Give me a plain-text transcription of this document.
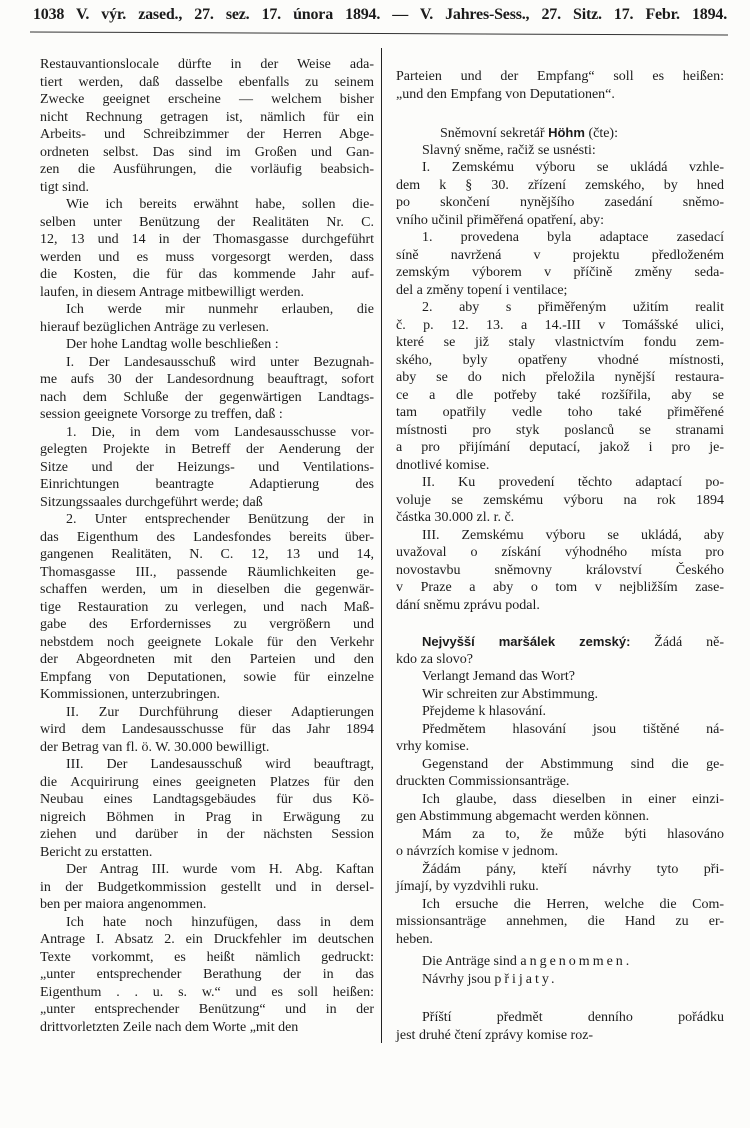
1038 V. výr. zased., 27. sez. 17. února 1894. — V. Jahres-Sess., 27. Sitz. 17. Febr. 1894.
Restauvantionslocale dürfte in der Weise ada-
tiert werden, daß dasselbe ebenfalls zu seinem
Zwecke geeignet erscheine — welchem bisher
nicht Rechnung getragen ist, nämlich für ein
Arbeits- und Schreibzimmer der Herren Abge-
ordneten selbst. Das sind im Großen und Gan-
zen die Ausführungen, die vorläufig beabsich-
tigt sind.
Wie ich bereits erwähnt habe, sollen die-
selben unter Benützung der Realitäten Nr. C.
12, 13 und 14 in der Thomasgasse durchgeführt
werden und es muss vorgesorgt werden, dass
die Kosten, die für das kommende Jahr auf-
laufen, in diesem Antrage mitbewilligt werden.
Ich werde mir nunmehr erlauben, die
hierauf bezüglichen Anträge zu verlesen.
Der hohe Landtag wolle beschließen :
I. Der Landesausschuß wird unter Bezugnah-
me aufs 30 der Landesordnung beauftragt, sofort
nach dem Schluße der gegenwärtigen Landtags-
session geeignete Vorsorge zu treffen, daß :
1. Die, in dem vom Landesausschusse vor-
gelegten Projekte in Betreff der Aenderung der
Sitze und der Heizungs- und Ventilations-
Einrichtungen beantragte Adaptierung des
Sitzungssaales durchgeführt werde; daß
2. Unter entsprechender Benützung der in
das Eigenthum des Landesfondes bereits über-
gangenen Realitäten, N. C. 12, 13 und 14,
Thomasgasse III., passende Räumlichkeiten ge-
schaffen werden, um in dieselben die gegenwär-
tige Restauration zu verlegen, und nach Maß-
gabe des Erfordernisses zu vergrößern und
nebstdem noch geeignete Lokale für den Verkehr
der Abgeordneten mit den Parteien und den
Empfang von Deputationen, sowie für einzelne
Kommissionen, unterzubringen.
II. Zur Durchführung dieser Adaptierungen
wird dem Landesausschusse für das Jahr 1894
der Betrag van fl. ö. W. 30.000 bewilligt.
III. Der Landesausschuß wird beauftragt,
die Acquirirung eines geeigneten Platzes für den
Neubau eines Landtagsgebäudes für dus Kö-
nigreich Böhmen in Prag in Erwägung zu
ziehen und darüber in der nächsten Session
Bericht zu erstatten.
Der Antrag III. wurde vom H. Abg. Kaftan
in der Budgetkommission gestellt und in dersel-
ben per maiora angenommen.
Ich hate noch hinzufügen, dass in dem
Antrage I. Absatz 2. ein Druckfehler im deutschen
Texte vorkommt, es heißt nämlich gedruckt:
„unter entsprechender Berathung der in das
Eigenthum . . u. s. w.“ und es soll heißen:
„unter entsprechender Benützung“ und in der
drittvorletzten Zeile nach dem Worte „mit den
Parteien und der Empfang“ soll es heißen:
„und den Empfang von Deputationen“.
Sněmovní sekretář Höhm (čte):
Slavný sněme, račiž se usnésti:
I. Zemskému výboru se ukládá vzhle-
dem k § 30. zřízení zemského, by hned
po skončení nynějšího zasedání sněmo-
vního učinil přiměřená opatření, aby:
1. provedena byla adaptace zasedací
síně navržená v projektu předloženém
zemským výborem v příčině změny seda-
del a změny topení i ventilace;
2. aby s přiměřeným užitím realit
č. p. 12. 13. a 14.-III v Tomášské ulici,
které se již staly vlastnictvím fondu zem-
ského, byly opatřeny vhodné místnosti,
aby se do nich přeložila nynější restaura-
ce a dle potřeby také rozšířila, aby se
tam opatřily vedle toho také přiměřené
místnosti pro styk poslanců se stranami
a pro přijímání deputací, jakož i pro je-
dnotlivé komise.
II. Ku provedení těchto adaptací po-
voluje se zemskému výboru na rok 1894
částka 30.000 zl. r. č.
III. Zemskému výboru se ukládá, aby
uvažoval o získání výhodného místa pro
novostavbu sněmovny království Českého
v Praze a aby o tom v nejbližším zase-
dání sněmu zprávu podal.
Nejvyšší maršálek zemský: Žádá ně-
kdo za slovo?
Verlangt Jemand das Wort?
Wir schreiten zur Abstimmung.
Přejdeme k hlasování.
Předmětem hlasování jsou tištěné ná-
vrhy komise.
Gegenstand der Abstimmung sind die ge-
druckten Commissionsanträge.
Ich glaube, dass dieselben in einer einzi-
gen Abstimmung abgemacht werden können.
Mám za to, že může býti hlasováno
o návrzích komise v jednom.
Žádám pány, kteří návrhy tyto při-
jímají, by vyzdvihli ruku.
Ich ersuche die Herren, welche die Com-
missionsanträge annehmen, die Hand zu er-
heben.
Die Anträge sind angenommen.
Návrhy jsou přijaty.
Příští předmět denního pořádku
jest druhé čtení zprávy komise roz-
